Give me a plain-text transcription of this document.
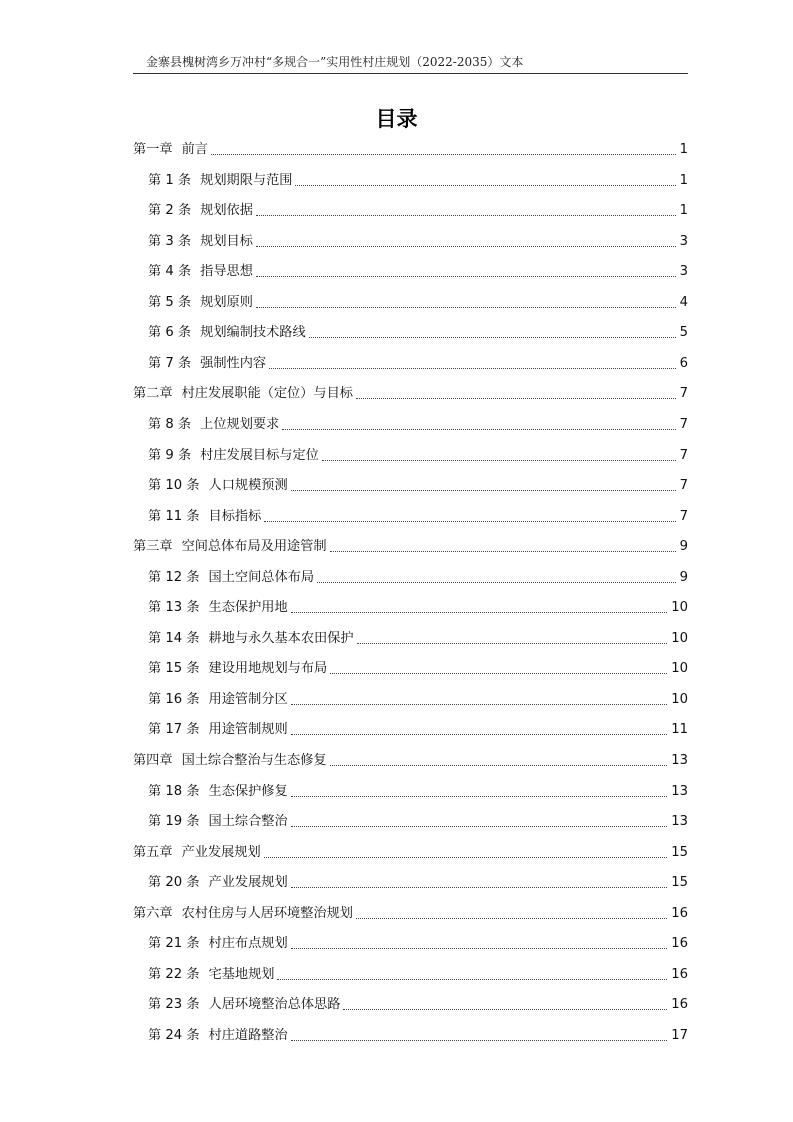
金寨县槐树湾乡万冲村“多规合一”实用性村庄规划（2022-2035）文本
目录
第一章 前言	1
第 1 条 规划期限与范围	1
第 2 条 规划依据	1
第 3 条 规划目标	3
第 4 条 指导思想	3
第 5 条 规划原则	4
第 6 条 规划编制技术路线	5
第 7 条 强制性内容	6
第二章 村庄发展职能（定位）与目标	7
第 8 条 上位规划要求	7
第 9 条 村庄发展目标与定位	7
第 10 条 人口规模预测	7
第 11 条 目标指标	7
第三章 空间总体布局及用途管制	9
第 12 条 国土空间总体布局	9
第 13 条 生态保护用地	10
第 14 条 耕地与永久基本农田保护	10
第 15 条 建设用地规划与布局	10
第 16 条 用途管制分区	10
第 17 条 用途管制规则	11
第四章 国土综合整治与生态修复	13
第 18 条 生态保护修复	13
第 19 条 国土综合整治	13
第五章 产业发展规划	15
第 20 条 产业发展规划	15
第六章 农村住房与人居环境整治规划	16
第 21 条 村庄布点规划	16
第 22 条 宅基地规划	16
第 23 条 人居环境整治总体思路	16
第 24 条 村庄道路整治	17
